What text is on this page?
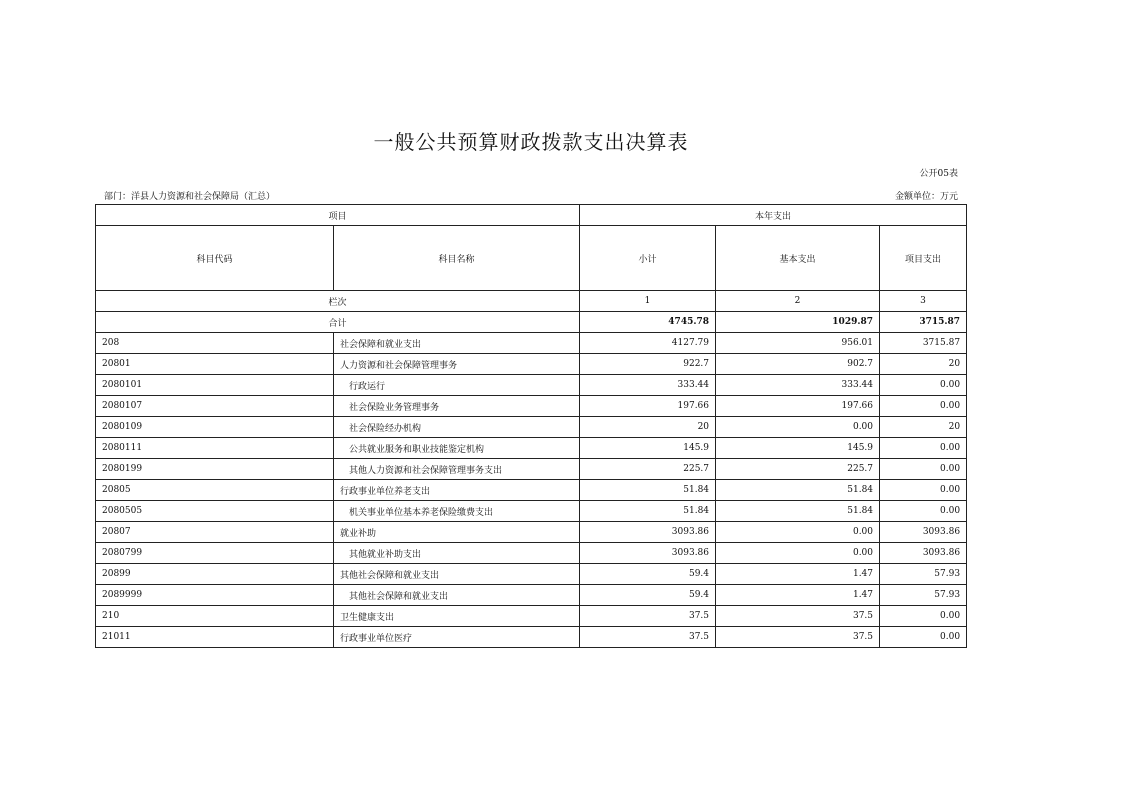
一般公共预算财政拨款支出决算表
公开05表
部门：洋县人力资源和社会保障局（汇总）	金额单位：万元
项目		本年支出		
科目代码	科目名称	小计	基本支出	项目支出
栏次		1	2	3
合计		4745.78	1029.87	3715.87
208	社会保障和就业支出	4127.79	956.01	3715.87
20801	人力资源和社会保障管理事务	922.7	902.7	20
2080101	行政运行	333.44	333.44	0.00
2080107	社会保险业务管理事务	197.66	197.66	0.00
2080109	社会保险经办机构	20	0.00	20
2080111	公共就业服务和职业技能鉴定机构	145.9	145.9	0.00
2080199	其他人力资源和社会保障管理事务支出	225.7	225.7	0.00
20805	行政事业单位养老支出	51.84	51.84	0.00
2080505	机关事业单位基本养老保险缴费支出	51.84	51.84	0.00
20807	就业补助	3093.86	0.00	3093.86
2080799	其他就业补助支出	3093.86	0.00	3093.86
20899	其他社会保障和就业支出	59.4	1.47	57.93
2089999	其他社会保障和就业支出	59.4	1.47	57.93
210	卫生健康支出	37.5	37.5	0.00
21011	行政事业单位医疗	37.5	37.5	0.00
